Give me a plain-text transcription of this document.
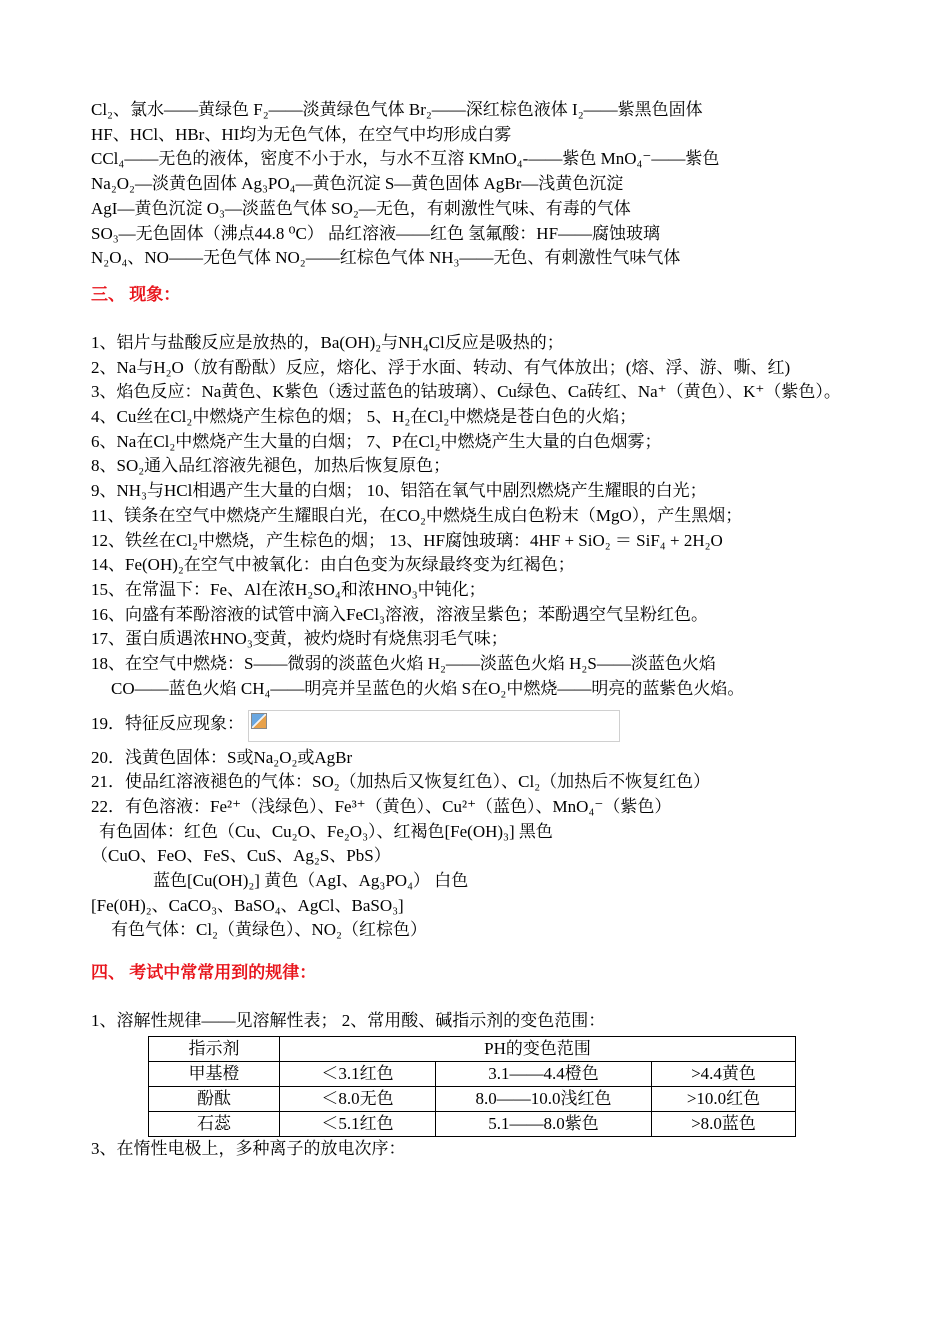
Cl₂、氯水——黄绿色 F₂——淡黄绿色气体 Br₂——深红棕色液体 I₂——紫黑色固体
HF、HCl、HBr、HI均为无色气体，在空气中均形成白雾
CCl₄——无色的液体，密度不小于水，与水不互溶 KMnO₄-——紫色 MnO₄⁻——紫色
Na₂O₂—淡黄色固体 Ag₃PO₄—黄色沉淀 S—黄色固体 AgBr—浅黄色沉淀
AgI—黄色沉淀 O₃—淡蓝色气体 SO₂—无色，有刺激性气味、有毒的气体
SO₃—无色固体（沸点44.8 ⁰C） 品红溶液——红色 氢氟酸：HF——腐蚀玻璃
N₂O₄、NO——无色气体 NO₂——红棕色气体 NH₃——无色、有刺激性气味气体
三、 现象：
1、铝片与盐酸反应是放热的，Ba(OH)₂与NH₄Cl反应是吸热的；
2、Na与H₂O（放有酚酞）反应，熔化、浮于水面、转动、有气体放出；(熔、浮、游、嘶、红)
3、焰色反应：Na黄色、K紫色（透过蓝色的钴玻璃）、Cu绿色、Ca砖红、Na⁺（黄色）、K⁺（紫色）。
4、Cu丝在Cl₂中燃烧产生棕色的烟； 5、H₂在Cl₂中燃烧是苍白色的火焰；
6、Na在Cl₂中燃烧产生大量的白烟； 7、P在Cl₂中燃烧产生大量的白色烟雾；
8、SO₂通入品红溶液先褪色，加热后恢复原色；
9、NH₃与HCl相遇产生大量的白烟； 10、铝箔在氧气中剧烈燃烧产生耀眼的白光；
11、镁条在空气中燃烧产生耀眼白光，在CO₂中燃烧生成白色粉末（MgO），产生黑烟；
12、铁丝在Cl₂中燃烧，产生棕色的烟； 13、HF腐蚀玻璃：4HF + SiO₂ ＝ SiF₄ + 2H₂O
14、Fe(OH)₂在空气中被氧化：由白色变为灰绿最终变为红褐色；
15、在常温下：Fe、Al在浓H₂SO₄和浓HNO₃中钝化；
16、向盛有苯酚溶液的试管中滴入FeCl₃溶液，溶液呈紫色；苯酚遇空气呈粉红色。
17、蛋白质遇浓HNO₃变黄，被灼烧时有烧焦羽毛气味；
18、在空气中燃烧：S——微弱的淡蓝色火焰 H₂——淡蓝色火焰 H₂S——淡蓝色火焰
CO——蓝色火焰 CH₄——明亮并呈蓝色的火焰 S在O₂中燃烧——明亮的蓝紫色火焰。
19．特征反应现象：
20．浅黄色固体：S或Na₂O₂或AgBr
21．使品红溶液褪色的气体：SO₂（加热后又恢复红色）、Cl₂（加热后不恢复红色）
22．有色溶液：Fe²⁺（浅绿色）、Fe³⁺（黄色）、Cu²⁺（蓝色）、MnO₄⁻（紫色）
有色固体：红色（Cu、Cu₂O、Fe₂O₃）、红褐色[Fe(OH)₃] 黑色
（CuO、FeO、FeS、CuS、Ag₂S、PbS）
蓝色[Cu(OH)₂] 黄色（AgI、Ag₃PO₄） 白色
[Fe(0H)₂、CaCO₃、BaSO₄、AgCl、BaSO₃]
有色气体：Cl₂（黄绿色）、NO₂（红棕色）
四、 考试中常常用到的规律：
1、溶解性规律——见溶解性表； 2、常用酸、碱指示剂的变色范围：
指示剂	PH的变色范围		
甲基橙	＜3.1红色	3.1——4.4橙色	>4.4黄色
酚酞	＜8.0无色	8.0——10.0浅红色	>10.0红色
石蕊	＜5.1红色	5.1——8.0紫色	>8.0蓝色
3、在惰性电极上，多种离子的放电次序：
